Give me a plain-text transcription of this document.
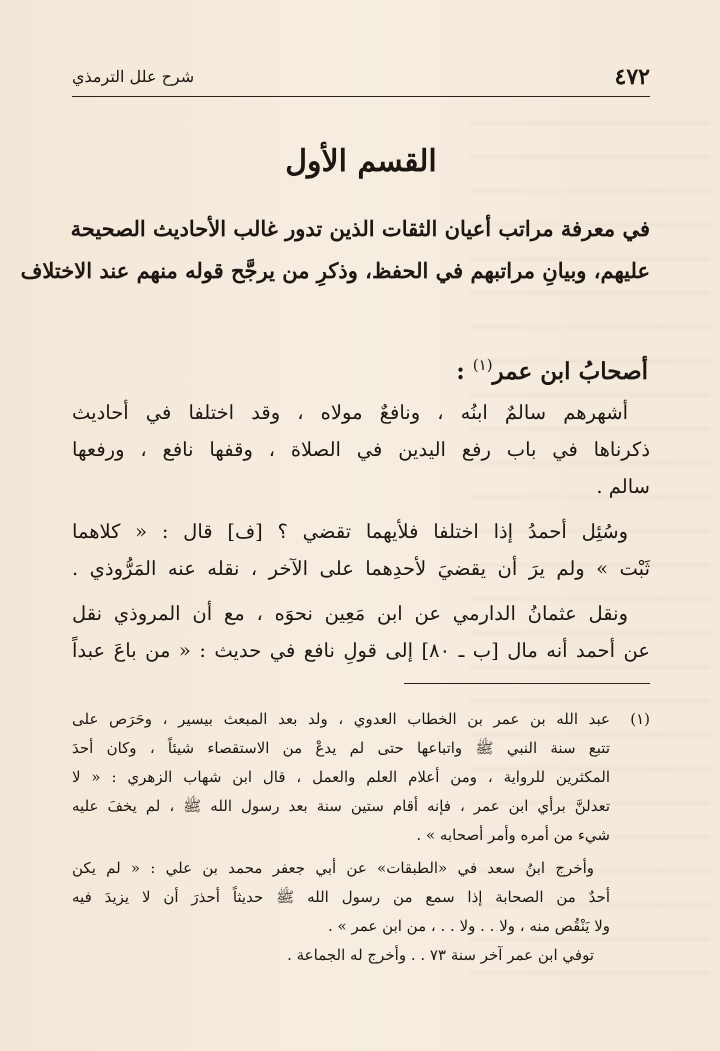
٤٧٢
شرح علل الترمذي
القسم الأول
في معرفة مراتب أعيان الثقات الذين تدور غالب الأحاديث الصحيحة
عليهم، وبيانِ مراتبهم في الحفظ، وذكرِ من يرجَّح قوله منهم عند الاختلاف
أصحابُ ابن عمر$^{(١)}$ :
أشهرهم سالمٌ ابنُه ، ونافعٌ مولاه ، وقد اختلفا في أحاديث
ذكرناها في باب رفع اليدين في الصلاة ، وقفها نافع ، ورفعها
سالم .
وسُئِل أحمدُ إذا اختلفا فلأيهما تقضي ؟ [ف] قال : « كلاهما
ثَبْت » ولم يرَ أن يقضيَ لأحدِهما على الآخر ، نقله عنه المَرُّوذي .
ونقل عثمانُ الدارمي عن ابن مَعِين نحوَه ، مع أن المروذي نقل
عن أحمد أنه مال [ب ـ ٨٠] إلى قولِ نافع في حديث : « من باعَ عبداً
(١)
عبد الله بن عمر بن الخطاب العدوي ، ولد بعد المبعث بيسير ، وحَرَص على
تتبع سنة النبي ﷺ واتباعها حتى لم يدعْ من الاستقصاء شيئاً ، وكان أحدَ
المكثرين للرواية ، ومن أعلام العلم والعمل ، قال ابن شهاب الزهري : « لا
تعدلنَّ برأي ابن عمر ، فإنه أقام ستين سنة بعد رسول الله ﷺ ، لم يخفَ عليه
شيء من أمره وأمر أصحابه » .
وأخرج ابنُ سعد في «الطبقات» عن أبي جعفر محمد بن علي : « لم يكن
أحدٌ من الصحابة إذا سمع من رسول الله ﷺ حديثاً أحذرَ أن لا يزيدَ فيه
ولا يَنْقُص منه ، ولا . . ولا . . ، من ابن عمر » .
توفي ابن عمر آخر سنة ٧٣ . . وأخرج له الجماعة .
